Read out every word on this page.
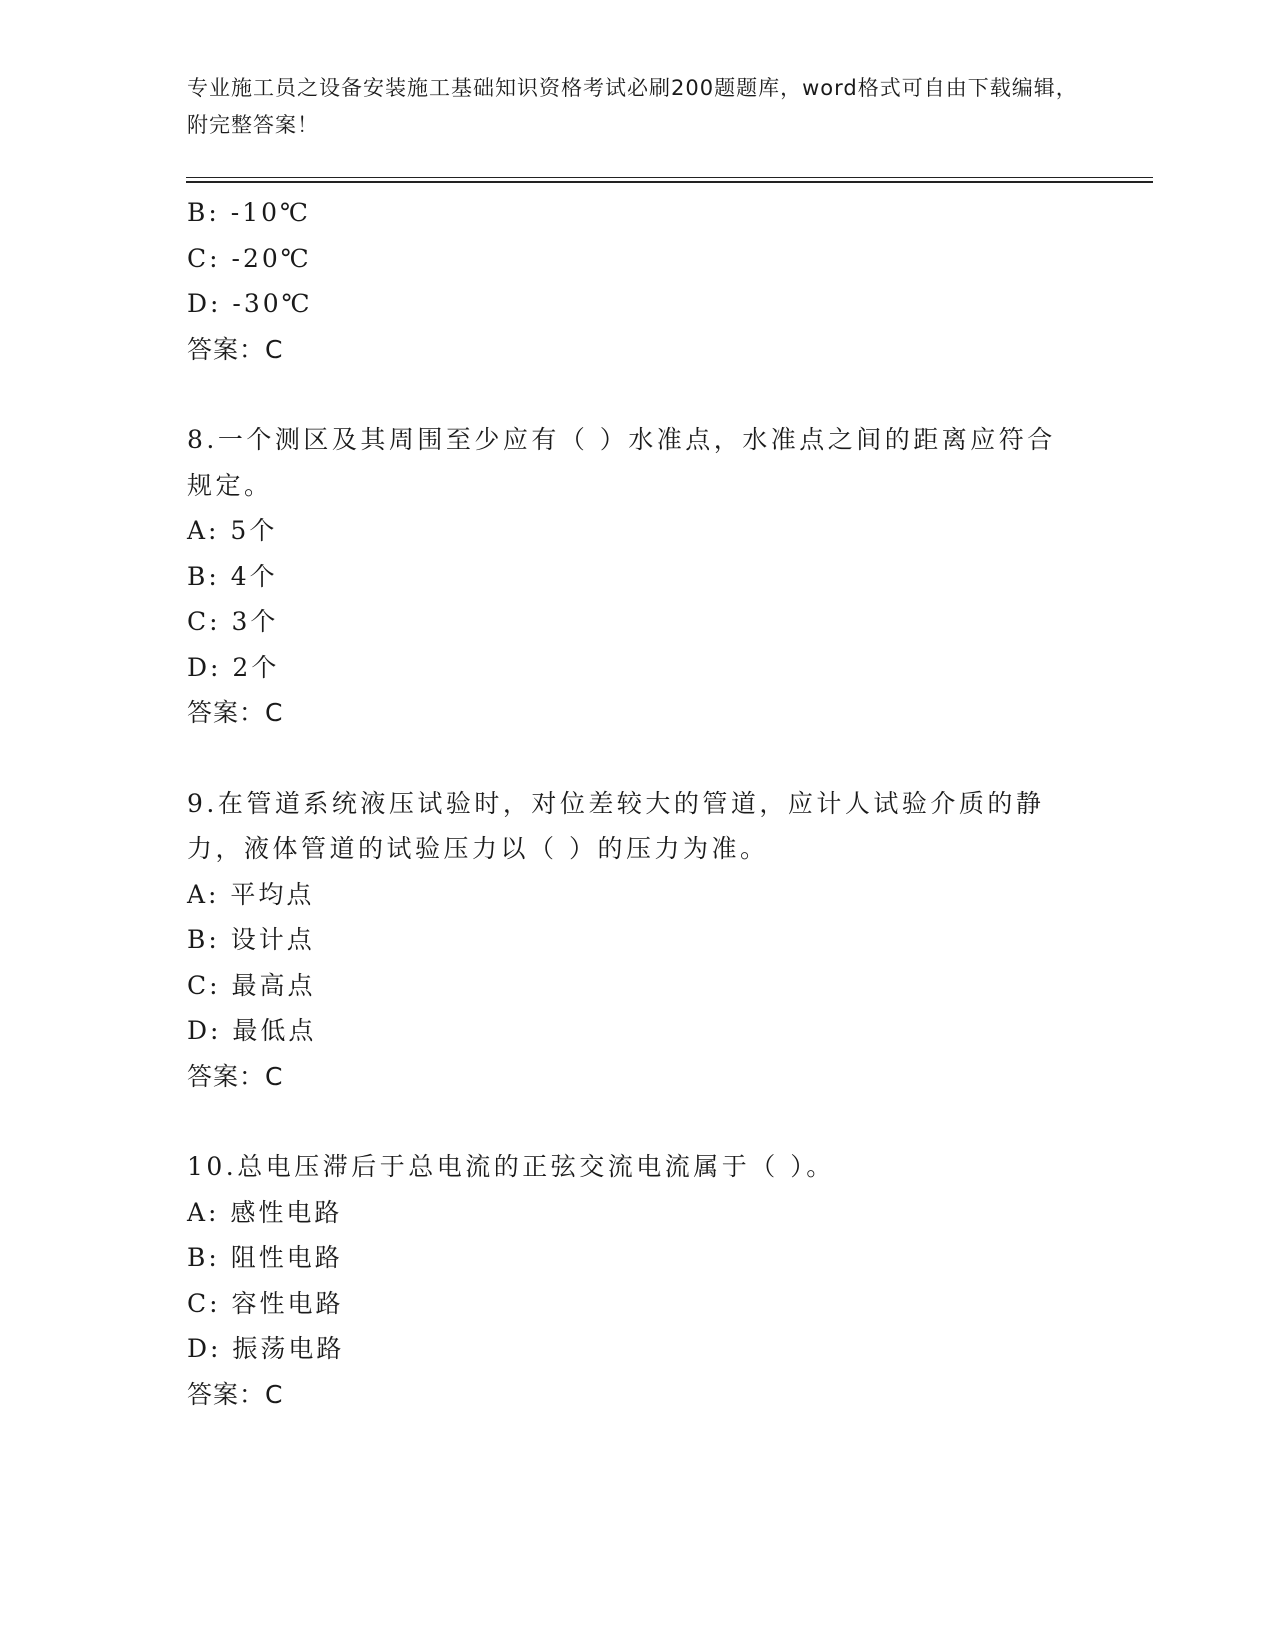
专业施工员之设备安装施工基础知识资格考试必刷200题题库，word格式可自由下载编辑，附完整答案！
B: -10℃
C: -20℃
D: -30℃
答案：C
8.一个测区及其周围至少应有（ ）水准点，水准点之间的距离应符合规定。
A: 5个
B: 4个
C: 3个
D: 2个
答案：C
9.在管道系统液压试验时，对位差较大的管道，应计人试验介质的静力，液体管道的试验压力以（ ）的压力为准。
A: 平均点
B: 设计点
C: 最高点
D: 最低点
答案：C
10.总电压滞后于总电流的正弦交流电流属于（ ）。
A: 感性电路
B: 阻性电路
C: 容性电路
D: 振荡电路
答案：C
